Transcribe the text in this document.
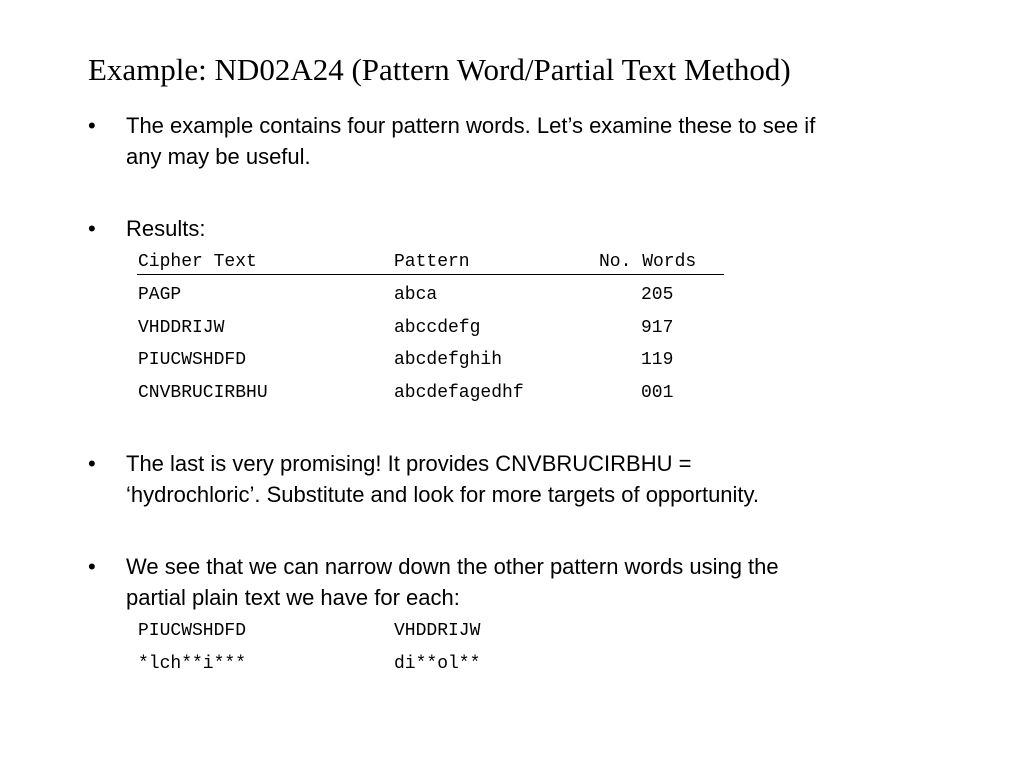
Example: ND02A24 (Pattern Word/Partial Text Method)
• The example contains four pattern words. Let’s examine these to see if
any may be useful.
• Results:
Cipher Text	Pattern	No. Words
PAGP	abca	205
VHDDRIJW	abccdefg	917
PIUCWSHDFD	abcdefghih	119
CNVBRUCIRBHU	abcdefagedhf	001
• The last is very promising! It provides CNVBRUCIRBHU =
‘hydrochloric’. Substitute and look for more targets of opportunity.
• We see that we can narrow down the other pattern words using the
partial plain text we have for each:
PIUCWSHDFD	VHDDRIJW
*lch**i***	di**ol**
